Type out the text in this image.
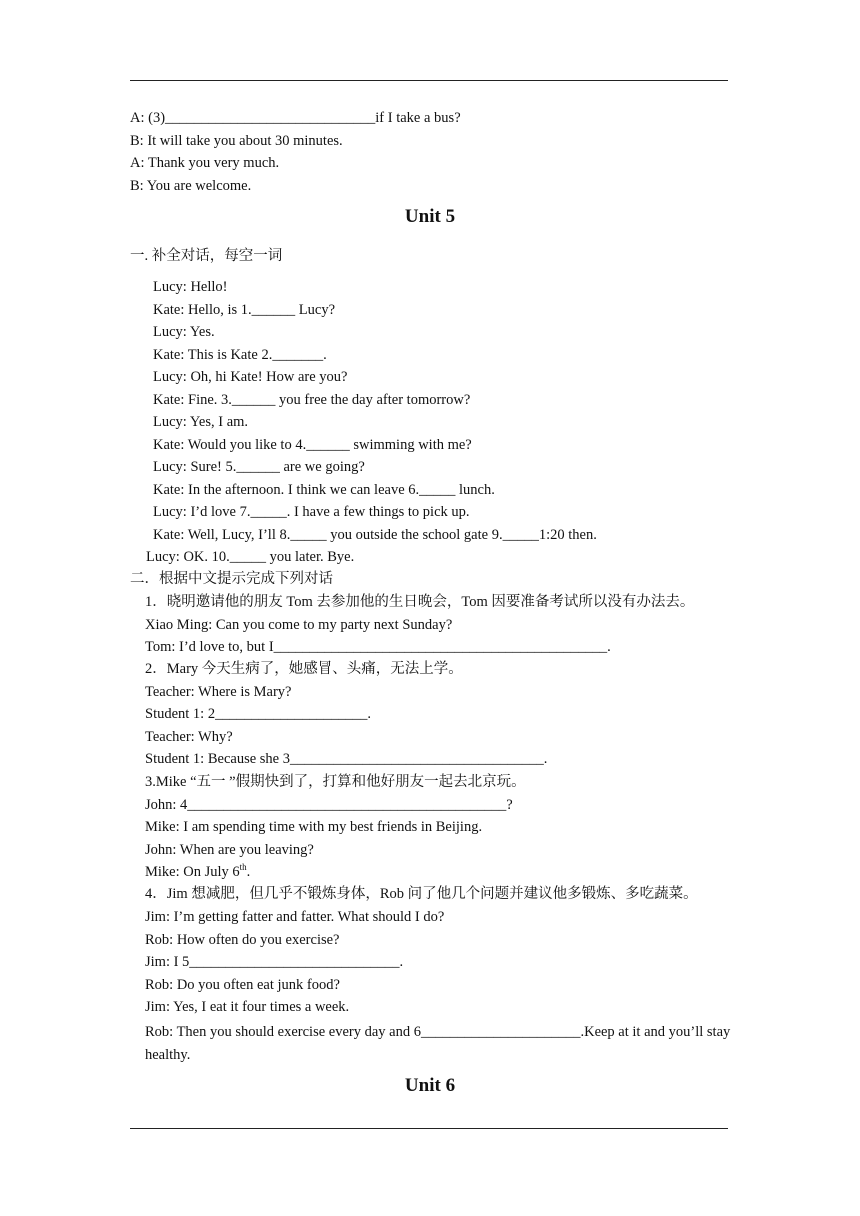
A: (3)_____________________________if I take a bus?
B: It will take you about 30 minutes.
A: Thank you very much.
B: You are welcome.
Unit 5
一. 补全对话，每空一词
Lucy: Hello!
Kate: Hello, is 1.______ Lucy?
Lucy: Yes.
Kate: This is Kate 2._______.
Lucy: Oh, hi Kate! How are you?
Kate: Fine. 3.______ you free the day after tomorrow?
Lucy: Yes, I am.
Kate: Would you like to 4.______ swimming with me?
Lucy: Sure! 5.______ are we going?
Kate: In the afternoon. I think we can leave 6._____ lunch.
Lucy: I’d love 7._____. I have a few things to pick up.
Kate: Well, Lucy, I’ll 8._____ you outside the school gate 9._____1:20 then.
Lucy: OK. 10._____ you later. Bye.
二．根据中文提示完成下列对话
1．晓明邀请他的朋友 Tom 去参加他的生日晚会，Tom 因要准备考试所以没有办法去。
Xiao Ming: Can you come to my party next Sunday?
Tom: I’d love to, but I______________________________________________.
2．Mary 今天生病了，她感冒、头痛，无法上学。
Teacher: Where is Mary?
Student 1: 2_____________________.
Teacher: Why?
Student 1: Because she 3___________________________________.
3.Mike “五一 ”假期快到了，打算和他好朋友一起去北京玩。
John: 4____________________________________________?
Mike: I am spending time with my best friends in Beijing.
John: When are you leaving?
Mike: On July 6th.
4．Jim 想减肥，但几乎不锻炼身体，Rob 问了他几个问题并建议他多锻炼、多吃蔬菜。
Jim: I’m getting fatter and fatter. What should I do?
Rob: How often do you exercise?
Jim: I 5_____________________________.
Rob: Do you often eat junk food?
Jim: Yes, I eat it four times a week.
Rob: Then you should exercise every day and 6______________________.Keep at it and you’ll stay healthy.
Unit 6
